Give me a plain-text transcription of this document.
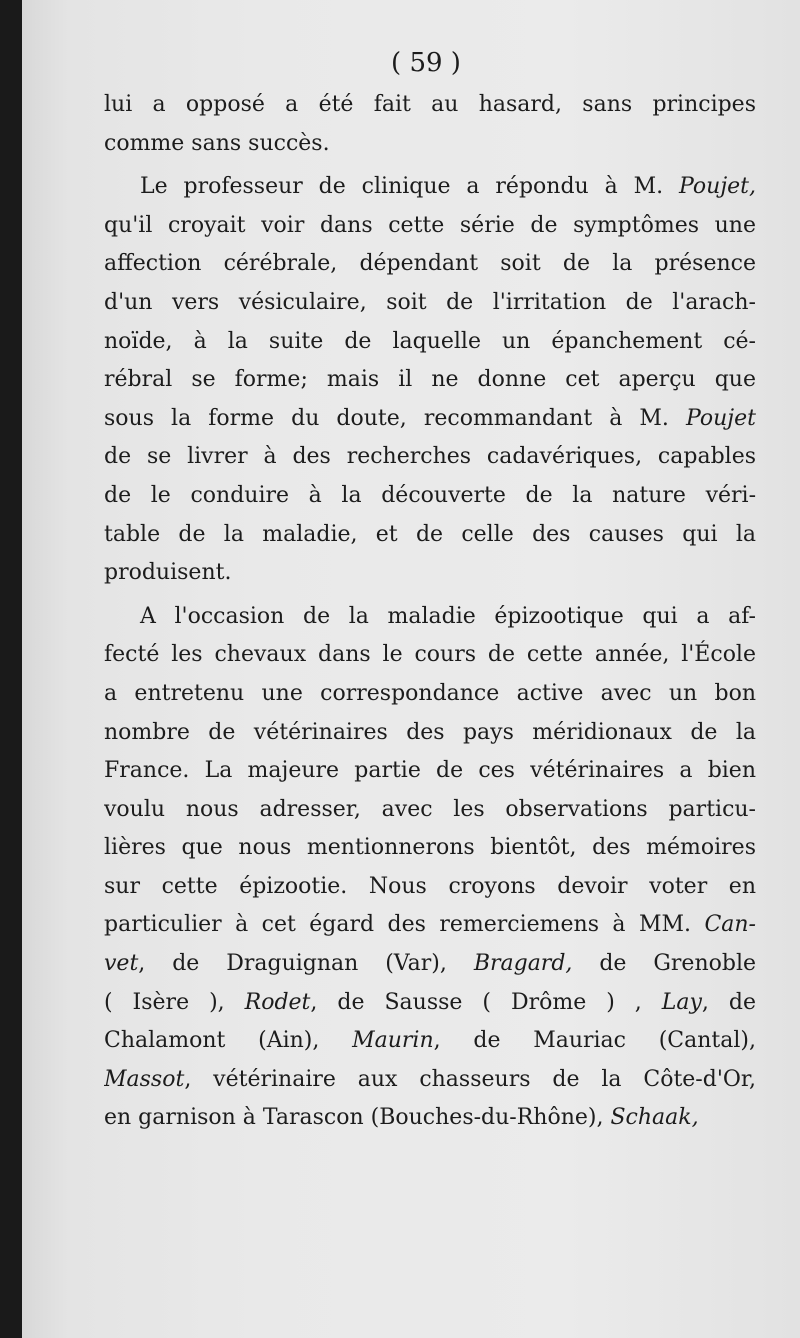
( 59 )
lui a opposé a été fait au hasard, sans principes
comme sans succès.
Le professeur de clinique a répondu à M. Poujet,
qu'il croyait voir dans cette série de symptômes une
affection cérébrale, dépendant soit de la présence
d'un vers vésiculaire, soit de l'irritation de l'arach-
noïde, à la suite de laquelle un épanchement cé-
rébral se forme; mais il ne donne cet aperçu que
sous la forme du doute, recommandant à M. Poujet
de se livrer à des recherches cadavériques, capables
de le conduire à la découverte de la nature véri-
table de la maladie, et de celle des causes qui la
produisent.
A l'occasion de la maladie épizootique qui a af-
fecté les chevaux dans le cours de cette année, l'École
a entretenu une correspondance active avec un bon
nombre de vétérinaires des pays méridionaux de la
France. La majeure partie de ces vétérinaires a bien
voulu nous adresser, avec les observations particu-
lières que nous mentionnerons bientôt, des mémoires
sur cette épizootie. Nous croyons devoir voter en
particulier à cet égard des remerciemens à MM. Can-
vet, de Draguignan (Var), Bragard, de Grenoble
( Isère ), Rodet, de Sausse ( Drôme ) , Lay, de
Chalamont (Ain), Maurin, de Mauriac (Cantal),
Massot, vétérinaire aux chasseurs de la Côte-d'Or,
en garnison à Tarascon (Bouches-du-Rhône), Schaak,
